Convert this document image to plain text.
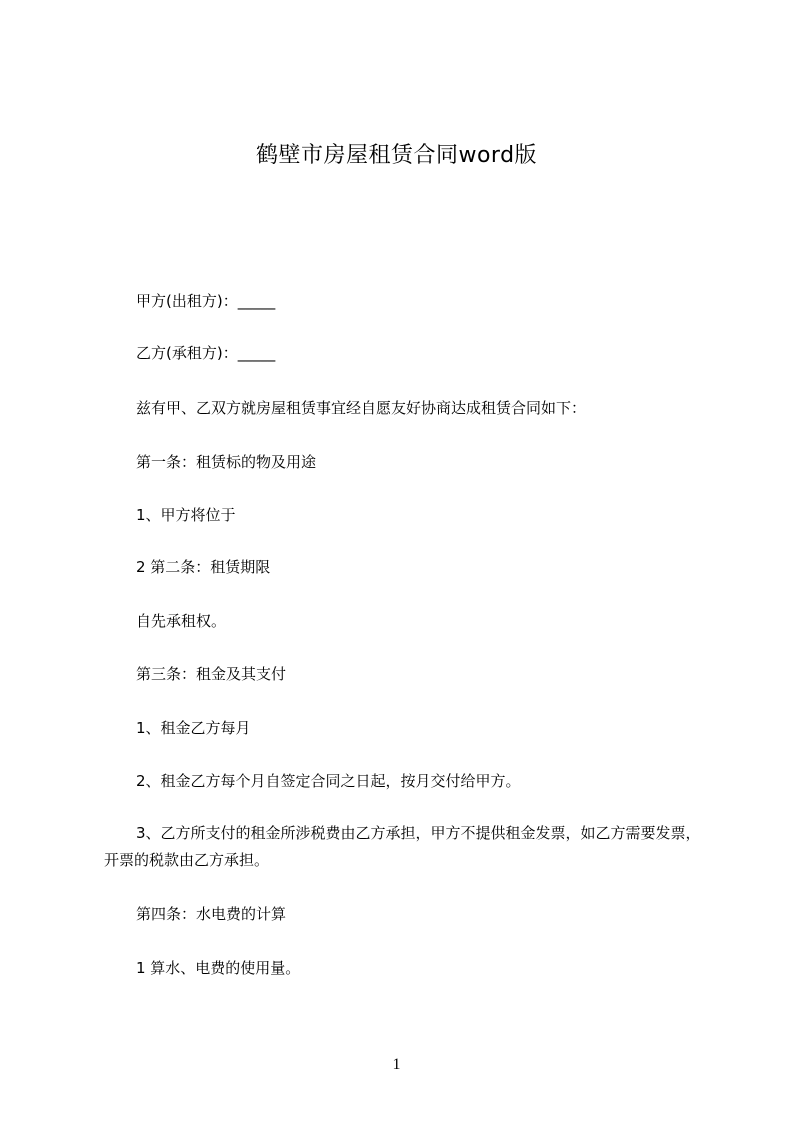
鹤壁市房屋租赁合同word版
甲方(出租方)：_____
乙方(承租方)：_____
兹有甲、乙双方就房屋租赁事宜经自愿友好协商达成租赁合同如下：
第一条：租赁标的物及用途
1、甲方将位于
2 第二条：租赁期限
自先承租权。
第三条：租金及其支付
1、租金乙方每月
2、租金乙方每个月自签定合同之日起，按月交付给甲方。
3、乙方所支付的租金所涉税费由乙方承担，甲方不提供租金发票，如乙方需要发票，开票的税款由乙方承担。
第四条：水电费的计算
1 算水、电费的使用量。
1
